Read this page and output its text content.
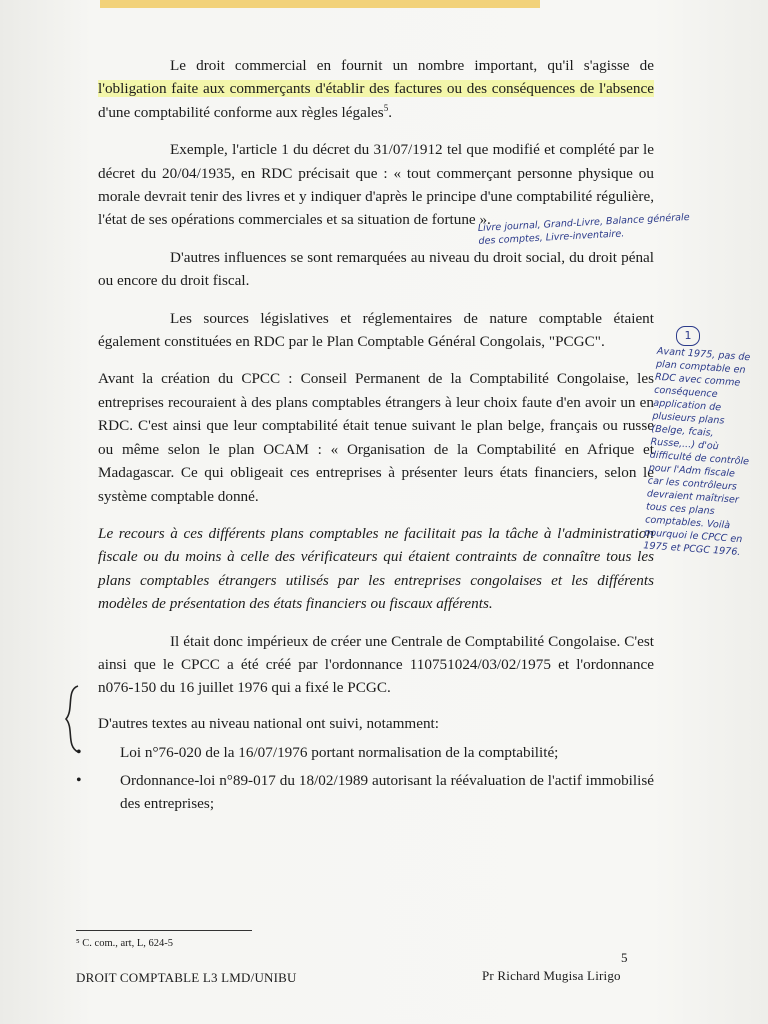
Le droit commercial en fournit un nombre important, qu'il s'agisse de l'obligation faite aux commerçants d'établir des factures ou des conséquences de l'absence d'une comptabilité conforme aux règles légales$^5$.

Exemple, l'article 1 du décret du 31/07/1912 tel que modifié et complété par le décret du 20/04/1935, en RDC précisait que : « tout commerçant personne physique ou morale devrait tenir des livres et y indiquer d'après le principe d'une comptabilité régulière, l'état de ses opérations commerciales et sa situation de fortune ».

D'autres influences se sont remarquées au niveau du droit social, du droit pénal ou encore du droit fiscal.

Les sources législatives et réglementaires de nature comptable étaient également constituées en RDC par le Plan Comptable Général Congolais, "PCGC".

Avant la création du CPCC : Conseil Permanent de la Comptabilité Congolaise, les entreprises recouraient à des plans comptables étrangers à leur choix faute d'en avoir un en RDC. C'est ainsi que leur comptabilité était tenue suivant le plan belge, français ou russe ou même selon le plan OCAM : « Organisation de la Comptabilité en Afrique et Madagascar. Ce qui obligeait ces entreprises à présenter leurs états financiers, selon le système comptable donné.

Le recours à ces différents plans comptables ne facilitait pas la tâche à l'administration fiscale ou du moins à celle des vérificateurs qui étaient contraints de connaître tous les plans comptables étrangers utilisés par les entreprises congolaises et les différents modèles de présentation des états financiers ou fiscaux afférents.

Il était donc impérieux de créer une Centrale de Comptabilité Congolaise. C'est ainsi que le CPCC a été créé par l'ordonnance 110751024/03/02/1975 et l'ordonnance n076-150 du 16 juillet 1976 qui a fixé le PCGC.

D'autres textes au niveau national ont suivi, notamment:

• Loi n°76-020 de la 16/07/1976 portant normalisation de la comptabilité;
• Ordonnance-loi n°89-017 du 18/02/1989 autorisant la réévaluation de l'actif immobilisé des entreprises;
Livre journal, Grand-Livre, Balance générale des comptes, Livre-inventaire.
1
Avant 1975, pas de plan comptable en RDC avec comme conséquence application de plusieurs plans (Belge, fcais, Russe,...) d'où difficulté de contrôle pour l'Adm fiscale car les contrôleurs devraient maîtriser tous ces plans comptables. Voilà pourquoi le CPCC en 1975 et PCGC 1976.
⁵ C. com., art, L, 624-5
5
DROIT COMPTABLE L3 LMD/UNIBU	Pr Richard Mugisa Lirigo
